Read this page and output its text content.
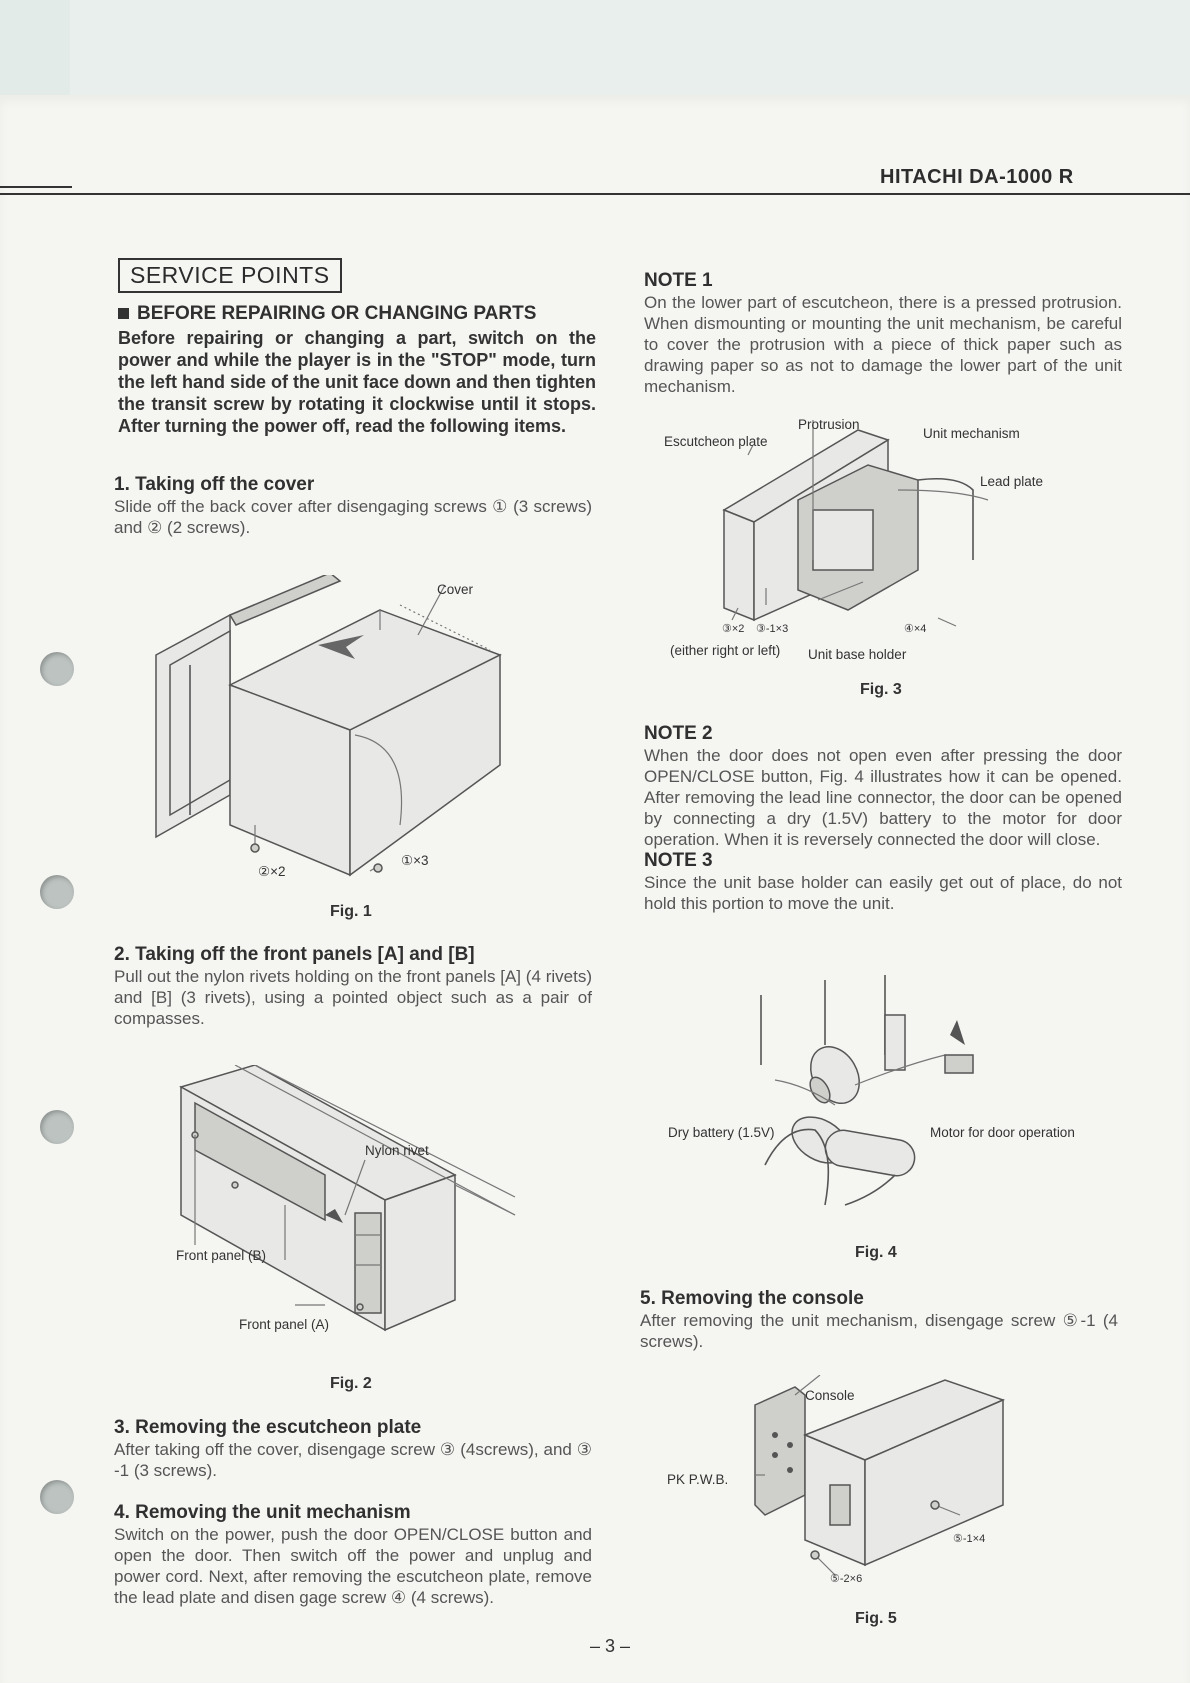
HITACHI DA-1000 R
SERVICE POINTS
BEFORE REPAIRING OR CHANGING PARTS
Before repairing or changing a part, switch on the power and while the player is in the "STOP" mode, turn the left hand side of the unit face down and then tighten the transit screw by rotating it clockwise until it stops. After turning the power off, read the following items.
1. Taking off the cover

Slide off the back cover after disengaging screws ① (3 screws) and ② (2 screws).

Cover
②×2
①×3
Fig. 1
2. Taking off the front panels [A] and [B]

Pull out the nylon rivets holding on the front panels [A] (4 rivets) and [B] (3 rivets), using a pointed object such as a pair of compasses.

Nylon rivet
Front panel (B)
Front panel (A)
Fig. 2
3. Removing the escutcheon plate

After taking off the cover, disengage screw ③ (4screws), and ③ -1 (3 screws).

4. Removing the unit mechanism

Switch on the power, push the door OPEN/CLOSE button and open the door. Then switch off the power and unplug and power cord. Next, after removing the escutcheon plate, remove the lead plate and disen gage screw ④ (4 screws).

NOTE 1

On the lower part of escutcheon, there is a pressed protrusion. When dismounting or mounting the unit mechanism, be careful to cover the protrusion with a piece of thick paper such as drawing paper so as not to damage the lower part of the unit mechanism.

Protrusion
Escutcheon plate
Unit mechanism
Lead plate
③×2 ③-1×3	④×4
(either right or left) Unit base holder
Fig. 3

NOTE 2

When the door does not open even after pressing the door OPEN/CLOSE button, Fig. 4 illustrates how it can be opened. After removing the lead line connector, the door can be opened by connecting a dry (1.5V) battery to the motor for door operation. When it is reversely connected the door will close.

NOTE 3

Since the unit base holder can easily get out of place, do not hold this portion to move the unit.

Dry battery (1.5V)	Motor for door operation
Fig. 4
5. Removing the console

After removing the unit mechanism, disengage screw ⑤-1 (4 screws).

Console
PK P.W.B.
⑤-1×4
⑤-2×6
Fig. 5
– 3 –
